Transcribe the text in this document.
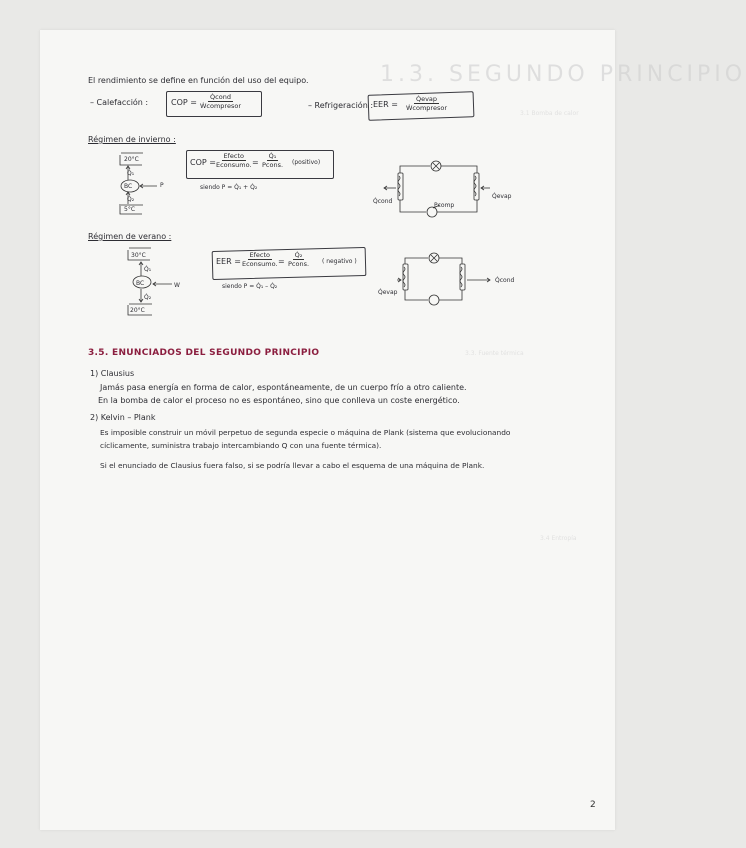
1.3. SEGUNDO PRINCIPIO
3.1 Bomba de calor
3.3. Fuente térmica
3.4 Entropía
El rendimiento se define en función del uso del equipo.
– Calefacción :	COP =
Q̇cond
Ẇcompresor	– Refrigeración : EER =
Q̇evap
Ẇcompresor
Régimen de invierno :
20°C
Q̇₁
BC	P
Q̇₂
5°C
COP =
Efecto
Econsumo. =
Q̇₁
Pcons. (positivo)
siendo P = Q̇₁ + Q̇₂
Q̇cond
Q̇evap
Pcomp
Régimen de verano :
30°C
Q̇₁
BC	W
Q̇₂
20°C
EER =
Efecto
Econsumo. =
Q̇₂
Pcons. ( negativo )
siendo P = Q̇₁ – Q̇₂
Q̇evap
Q̇cond
3.5. ENUNCIADOS DEL SEGUNDO PRINCIPIO
1) Clausius
Jamás pasa energía en forma de calor, espontáneamente, de un cuerpo frío a otro caliente.
En la bomba de calor el proceso no es espontáneo, sino que conlleva un coste energético.
2) Kelvin – Plank
Es imposible construir un móvil perpetuo de segunda especie o máquina de Plank (sistema que evolucionando
cíclicamente, suministra trabajo intercambiando Q con una fuente térmica).
Si el enunciado de Clausius fuera falso, si se podría llevar a cabo el esquema de una máquina de Plank.
2
